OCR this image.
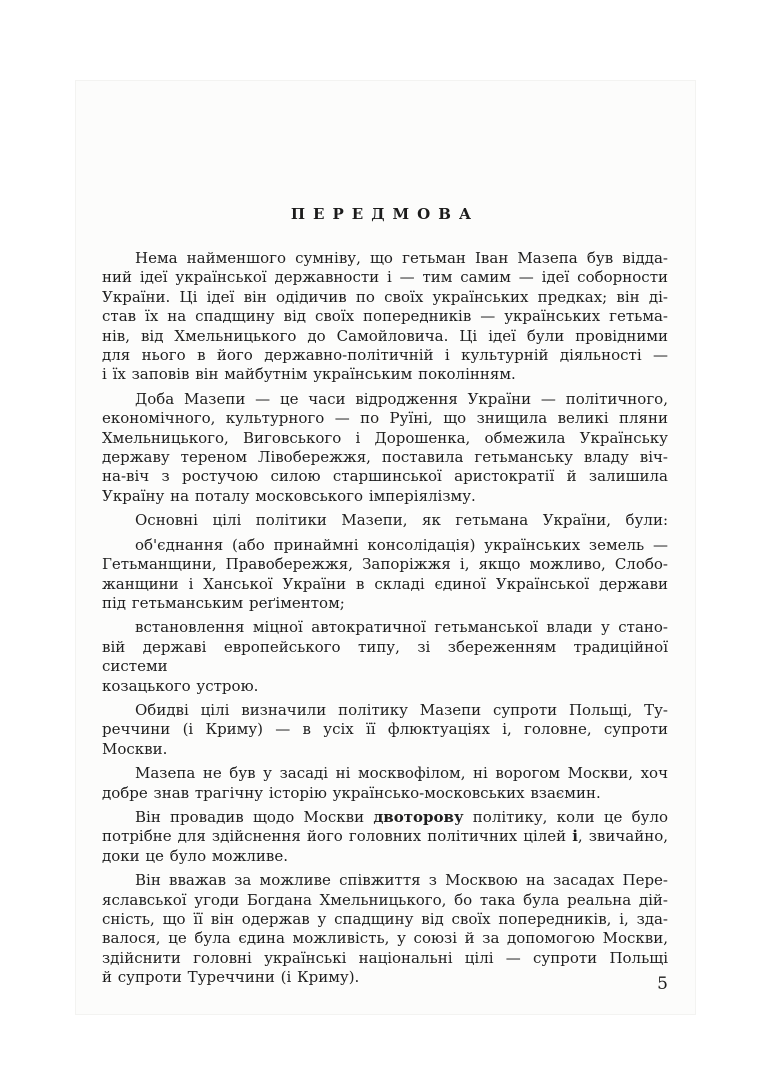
ПЕРЕДМОВА
Нема найменшого сумніву, що гетьман Іван Мазепа був відда-
ний ідеї української державности і — тим самим — ідеї соборности
України. Ці ідеї він одідичив по своїх українських предках; він ді-
став їх на спадщину від своїх попередників — українських гетьма-
нів, від Хмельницького до Самойловича. Ці ідеї були провідними
для нього в його державно-політичній і культурній діяльності —
і їх заповів він майбутнім українським поколінням.
Доба Мазепи — це часи відродження України — політичного,
економічного, культурного — по Руїні, що знищила великі пляни
Хмельницького, Виговського і Дорошенка, обмежила Українську
державу тереном Лівобережжя, поставила гетьманську владу віч-
на-віч з ростучою силою старшинської аристократії й залишила
Україну на поталу московського імперіялізму.
Основні цілі політики Мазепи, як гетьмана України, були:
об'єднання (або принаймні консолідація) українських земель —
Гетьманщини, Правобережжя, Запоріжжя і, якщо можливо, Слобо-
жанщини і Ханської України в складі єдиної Української держави
під гетьманським реґіментом;
встановлення міцної автократичної гетьманської влади у стано-
вій державі европейського типу, зі збереженням традиційної системи
козацького устрою.
Обидві цілі визначили політику Мазепи супроти Польщі, Ту-
реччини (і Криму) — в усіх її флюктуаціях і, головне, супроти
Москви.
Мазепа не був у засаді ні москвофілом, ні ворогом Москви, хоч
добре знав трагічну історію українсько-московських взаємин.
Він провадив щодо Москви двоторову політику, коли це було
потрібне для здійснення його головних політичних цілей і, звичайно,
доки це було можливе.
Він вважав за можливе співжиття з Москвою на засадах Пере-
яславської угоди Богдана Хмельницького, бо така була реальна дій-
сність, що її він одержав у спадщину від своїх попередників, і, зда-
валося, це була єдина можливість, у союзі й за допомогою Москви,
здійснити головні українські національні цілі — супроти Польщі
й супроти Туреччини (і Криму).	5
